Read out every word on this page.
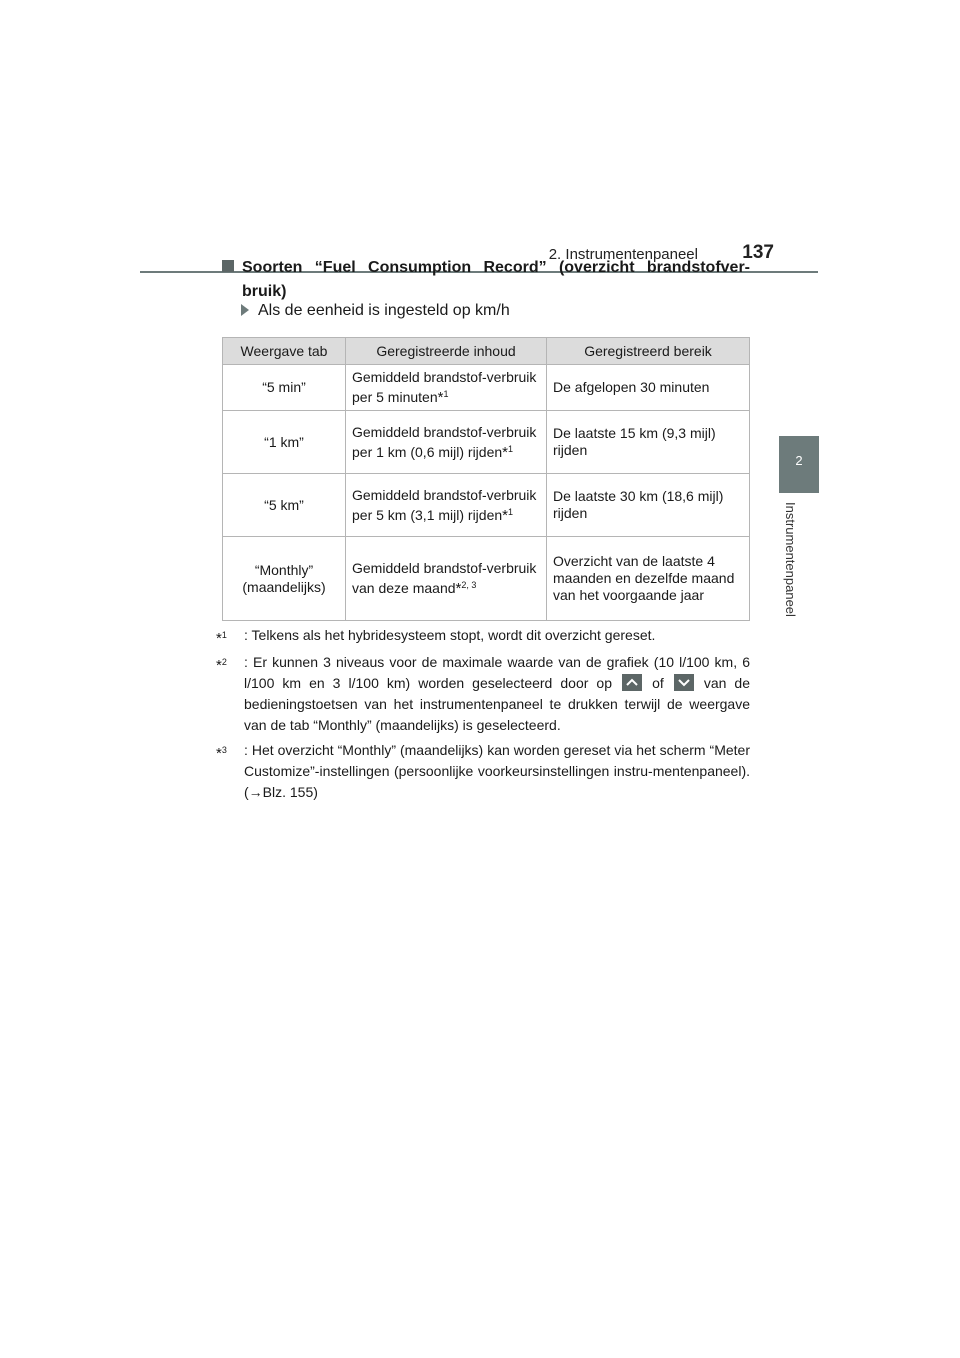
2. Instrumentenpaneel	137
2
Instrumentenpaneel
Soorten “Fuel Consumption Record” (overzicht brandstofver-bruik)
Als de eenheid is ingesteld op km/h
Weergave tab	Geregistreerde inhoud	Geregistreerd bereik
“5 min”	Gemiddeld brandstof-verbruik per 5 minuten*$^1$	De afgelopen 30 minuten
“1 km”	Gemiddeld brandstof-verbruik per 1 km (0,6 mijl) rijden*$^1$	De laatste 15 km (9,3 mijl) rijden
“5 km”	Gemiddeld brandstof-verbruik per 5 km (3,1 mijl) rijden*$^1$	De laatste 30 km (18,6 mijl) rijden
“Monthly” (maandelijks)	Gemiddeld brandstof-verbruik van deze maand*$^{2, 3}$	Overzicht van de laatste 4 maanden en dezelfde maand van het voorgaande jaar
*$^1$	: Telkens als het hybridesysteem stopt, wordt dit overzicht gereset.
*$^2$	: Er kunnen 3 niveaus voor de maximale waarde van de grafiek (10 l/100 km, 6 l/100 km en 3 l/100 km) worden geselecteerd door op	of	van de bedieningstoetsen van het instrumentenpaneel te drukken terwijl de weergave van de tab “Monthly” (maandelijks) is geselecteerd.
*$^3$	: Het overzicht “Monthly” (maandelijks) kan worden gereset via het scherm “Meter Customize”-instellingen (persoonlijke voorkeursinstellingen instru-mentenpaneel). (→Blz. 155)
